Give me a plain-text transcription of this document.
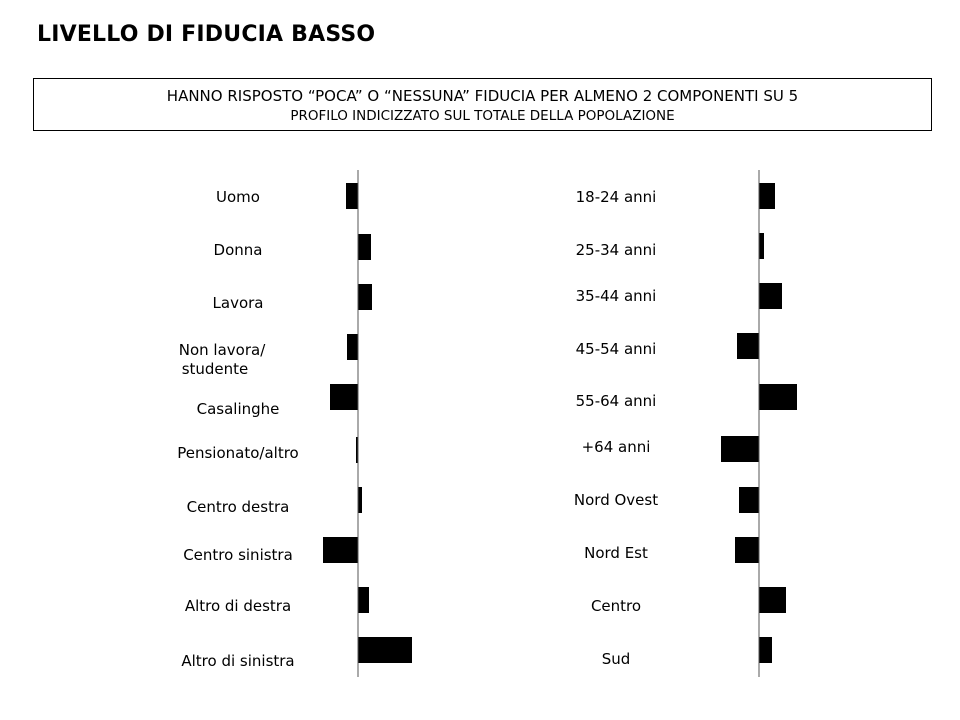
LIVELLO DI FIDUCIA BASSO
HANNO RISPOSTO “POCA” O “NESSUNA” FIDUCIA PER ALMENO 2 COMPONENTI SU 5
PROFILO INDICIZZATO SUL TOTALE DELLA POPOLAZIONE
Uomo
Donna
Lavora
Non lavora/ studente
Casalinghe
Pensionato/altro
Centro destra
Centro sinistra
Altro di destra
Altro di sinistra
18-24 anni
25-34 anni
35-44 anni
45-54 anni
55-64 anni
+64 anni
Nord Ovest
Nord Est
Centro
Sud
